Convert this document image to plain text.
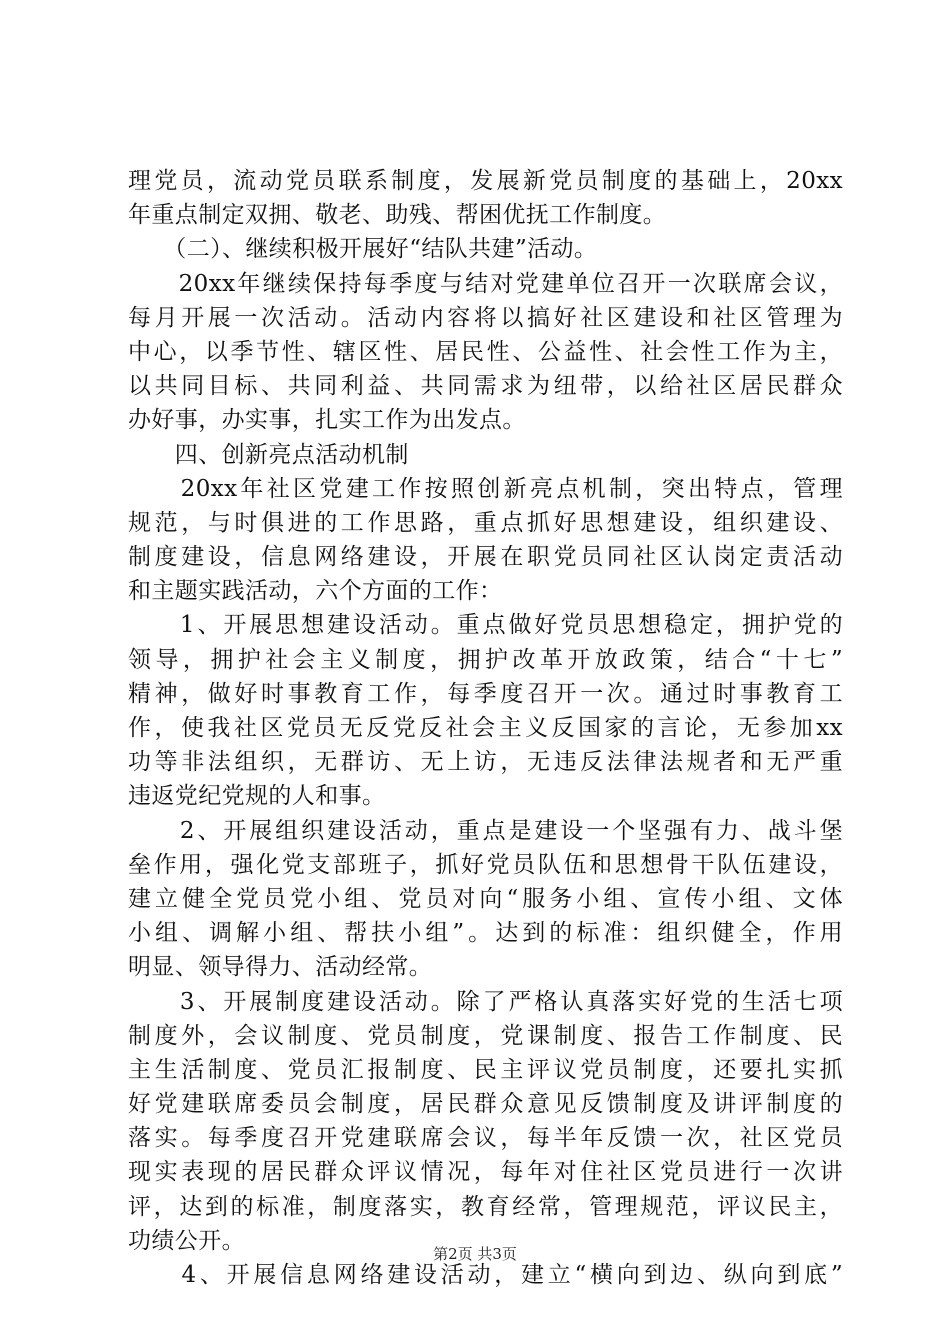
理党员，流动党员联系制度，发展新党员制度的基础上，20xx
年重点制定双拥、敬老、助残、帮困优抚工作制度。
　　（二）、继续积极开展好“结队共建”活动。
　　20xx年继续保持每季度与结对党建单位召开一次联席会议，
每月开展一次活动。活动内容将以搞好社区建设和社区管理为
中心，以季节性、辖区性、居民性、公益性、社会性工作为主，
以共同目标、共同利益、共同需求为纽带，以给社区居民群众
办好事，办实事，扎实工作为出发点。
　　四、创新亮点活动机制
　　20xx年社区党建工作按照创新亮点机制，突出特点，管理
规范，与时俱进的工作思路，重点抓好思想建设，组织建设、
制度建设，信息网络建设，开展在职党员同社区认岗定责活动
和主题实践活动，六个方面的工作：
　　1、开展思想建设活动。重点做好党员思想稳定，拥护党的
领导，拥护社会主义制度，拥护改革开放政策，结合“十七”
精神，做好时事教育工作，每季度召开一次。通过时事教育工
作，使我社区党员无反党反社会主义反国家的言论，无参加xx
功等非法组织，无群访、无上访，无违反法律法规者和无严重
违返党纪党规的人和事。
　　2、开展组织建设活动，重点是建设一个坚强有力、战斗堡
垒作用，强化党支部班子，抓好党员队伍和思想骨干队伍建设，
建立健全党员党小组、党员对向“服务小组、宣传小组、文体
小组、调解小组、帮扶小组”。达到的标准：组织健全，作用
明显、领导得力、活动经常。
　　3、开展制度建设活动。除了严格认真落实好党的生活七项
制度外，会议制度、党员制度，党课制度、报告工作制度、民
主生活制度、党员汇报制度、民主评议党员制度，还要扎实抓
好党建联席委员会制度，居民群众意见反馈制度及讲评制度的
落实。每季度召开党建联席会议，每半年反馈一次，社区党员
现实表现的居民群众评议情况，每年对住社区党员进行一次讲
评，达到的标准，制度落实，教育经常，管理规范，评议民主，
功绩公开。
　　4、开展信息网络建设活动，建立“横向到边、纵向到底”
第2页 共3页
